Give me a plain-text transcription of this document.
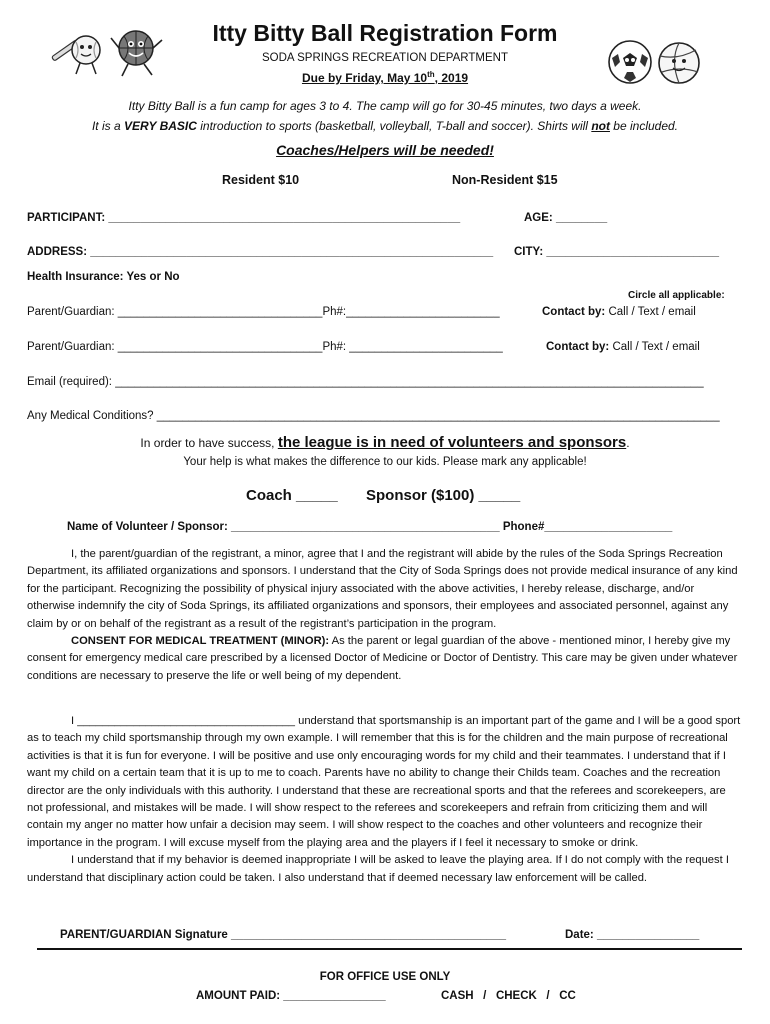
Itty Bitty Ball Registration Form
SODA SPRINGS RECREATION DEPARTMENT
Due by Friday, May 10th, 2019
Itty Bitty Ball is a fun camp for ages 3 to 4. The camp will go for 30-45 minutes, two days a week.
It is a VERY BASIC introduction to sports (basketball, volleyball, T-ball and soccer). Shirts will not be included.
Coaches/Helpers will be needed!
Resident $10	Non-Resident $15
PARTICIPANT: _______________________________________________________	AGE: ________
ADDRESS: _______________________________________________________________ CITY: ___________________________
Health Insurance: Yes or No
Circle all applicable:
Parent/Guardian: ________________________________Ph#:________________________	Contact by: Call / Text / email
Parent/Guardian: ________________________________Ph#: ________________________	Contact by: Call / Text / email
Email (required): ____________________________________________________________________________________________
Any Medical Conditions? ________________________________________________________________________________________
In order to have success, the league is in need of volunteers and sponsors.
Your help is what makes the difference to our kids. Please mark any applicable!
Coach _____ Sponsor ($100) _____
Name of Volunteer / Sponsor: __________________________________________ Phone#____________________
I, the parent/guardian of the registrant, a minor, agree that I and the registrant will abide by the rules of the Soda Springs Recreation Department, its affiliated organizations and sponsors. I understand that the City of Soda Springs does not provide medical insurance of any kind for the participant. Recognizing the possibility of physical injury associated with the above activities, I hereby release, discharge, and/or otherwise indemnify the city of Soda Springs, its affiliated organizations and sponsors, their employees and associated personnel, against any claim by or on behalf of the registrant as a result of the registrant’s participation in the program.
CONSENT FOR MEDICAL TREATMENT (MINOR): As the parent or legal guardian of the above - mentioned minor, I hereby give my consent for emergency medical care prescribed by a licensed Doctor of Medicine or Doctor of Dentistry. This care may be given under whatever conditions are necessary to preserve the life or well being of my dependent.
I ___________________________________ understand that sportsmanship is an important part of the game and I will be a good sport as to teach my child sportsmanship through my own example. I will remember that this is for the children and the main purpose of recreational activities is that it is fun for everyone. I will be positive and use only encouraging words for my child and their teammates. I understand that if I want my child on a certain team that it is up to me to coach. Parents have no ability to change their Childs team. Coaches and the recreation director are the only individuals with this authority. I understand that these are recreational sports and that the referees and scorekeepers, are not professional, and mistakes will be made. I will show respect to the referees and scorekeepers and refrain from criticizing them and will contain my anger no matter how unfair a decision may seem. I will show respect to the coaches and other volunteers and recognize their importance in the program. I will excuse myself from the playing area and the players if I feel it necessary to smoke or drink.
I understand that if my behavior is deemed inappropriate I will be asked to leave the playing area. If I do not comply with the request I understand that disciplinary action could be taken. I also understand that if deemed necessary law enforcement will be called.
PARENT/GUARDIAN Signature ___________________________________________	Date: ________________
FOR OFFICE USE ONLY
AMOUNT PAID: ________________	CASH   /   CHECK   /   CC
